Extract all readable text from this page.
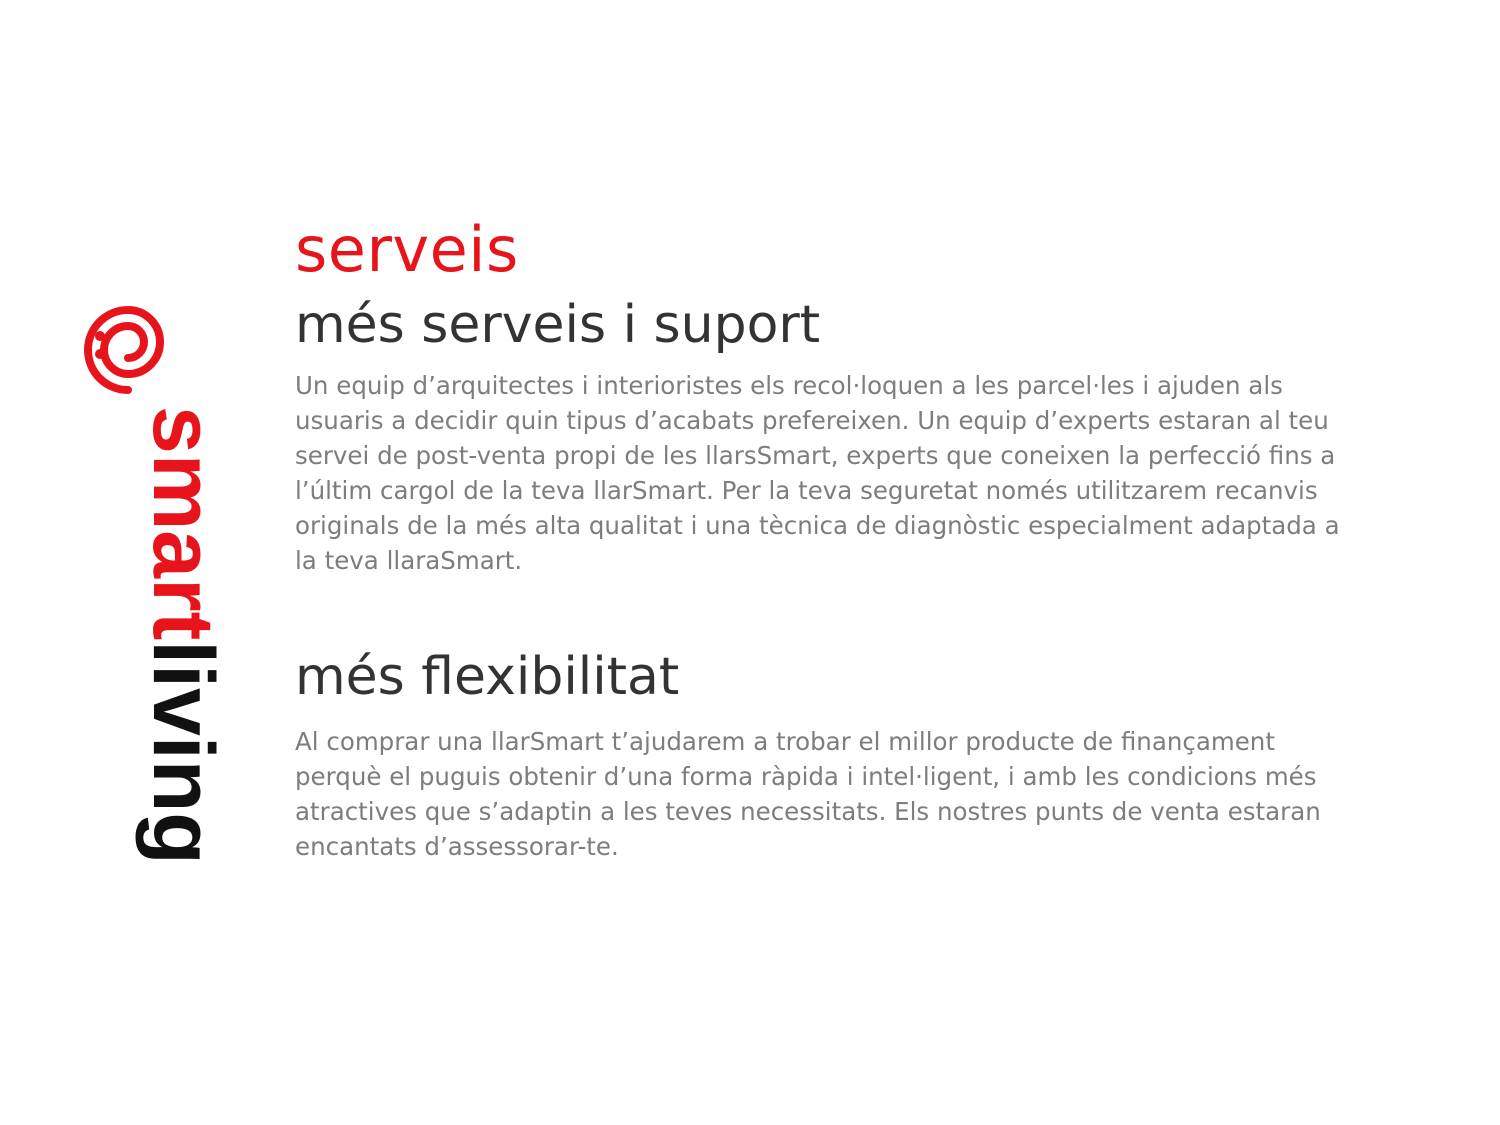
smartliving
serveis
més serveis i suport

Un equip d’arquitectes i interioristes els recol·loquen a les parcel·les i ajuden als usuaris a decidir quin tipus d’acabats prefereixen. Un equip d’experts estaran al teu servei de post-venta propi de les llarsSmart, experts que coneixen la perfecció fins a l’últim cargol de la teva llarSmart. Per la teva seguretat només utilitzarem recanvis originals de la més alta qualitat i una tècnica de diagnòstic especialment adaptada a la teva llaraSmart.

més flexibilitat

Al comprar una llarSmart t’ajudarem a trobar el millor producte de finançament perquè el puguis obtenir d’una forma ràpida i intel·ligent, i amb les condicions més atractives que s’adaptin a les teves necessitats. Els nostres punts de venta estaran encantats d’assessorar-te.
